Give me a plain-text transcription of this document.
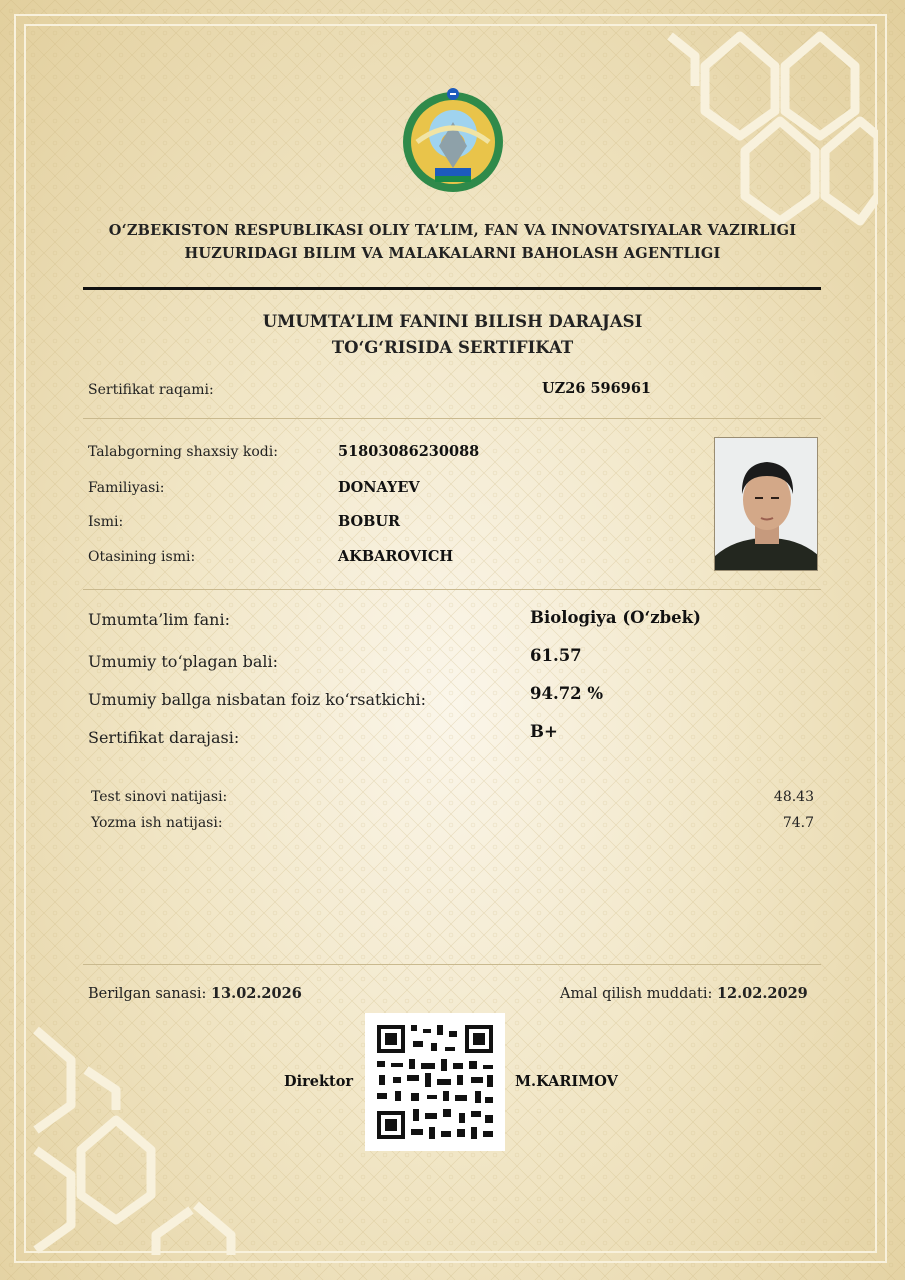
O‘ZBEKISTON RESPUBLIKASI OLIY TA’LIM, FAN VA INNOVATSIYALAR VAZIRLIGI
HUZURIDAGI BILIM VA MALAKALARNI BAHOLASH AGENTLIGI
UMUMTA’LIM FANINI BILISH DARAJASI
TO‘G‘RISIDA SERTIFIKAT
Sertifikat raqami:	UZ26 596961
Talabgorning shaxsiy kodi:	51803086230088
Familiyasi:	DONAYEV
Ismi:	BOBUR
Otasining ismi:	AKBAROVICH
Umumta’lim fani:	Biologiya (O‘zbek)
Umumiy to‘plagan bali:	61.57
Umumiy ballga nisbatan foiz ko‘rsatkichi:	94.72 %
Sertifikat darajasi:	B+
Test sinovi natijasi:	48.43
Yozma ish natijasi:	74.7
Berilgan sanasi: 13.02.2026	Amal qilish muddati: 12.02.2029
Direktor	M.KARIMOV
